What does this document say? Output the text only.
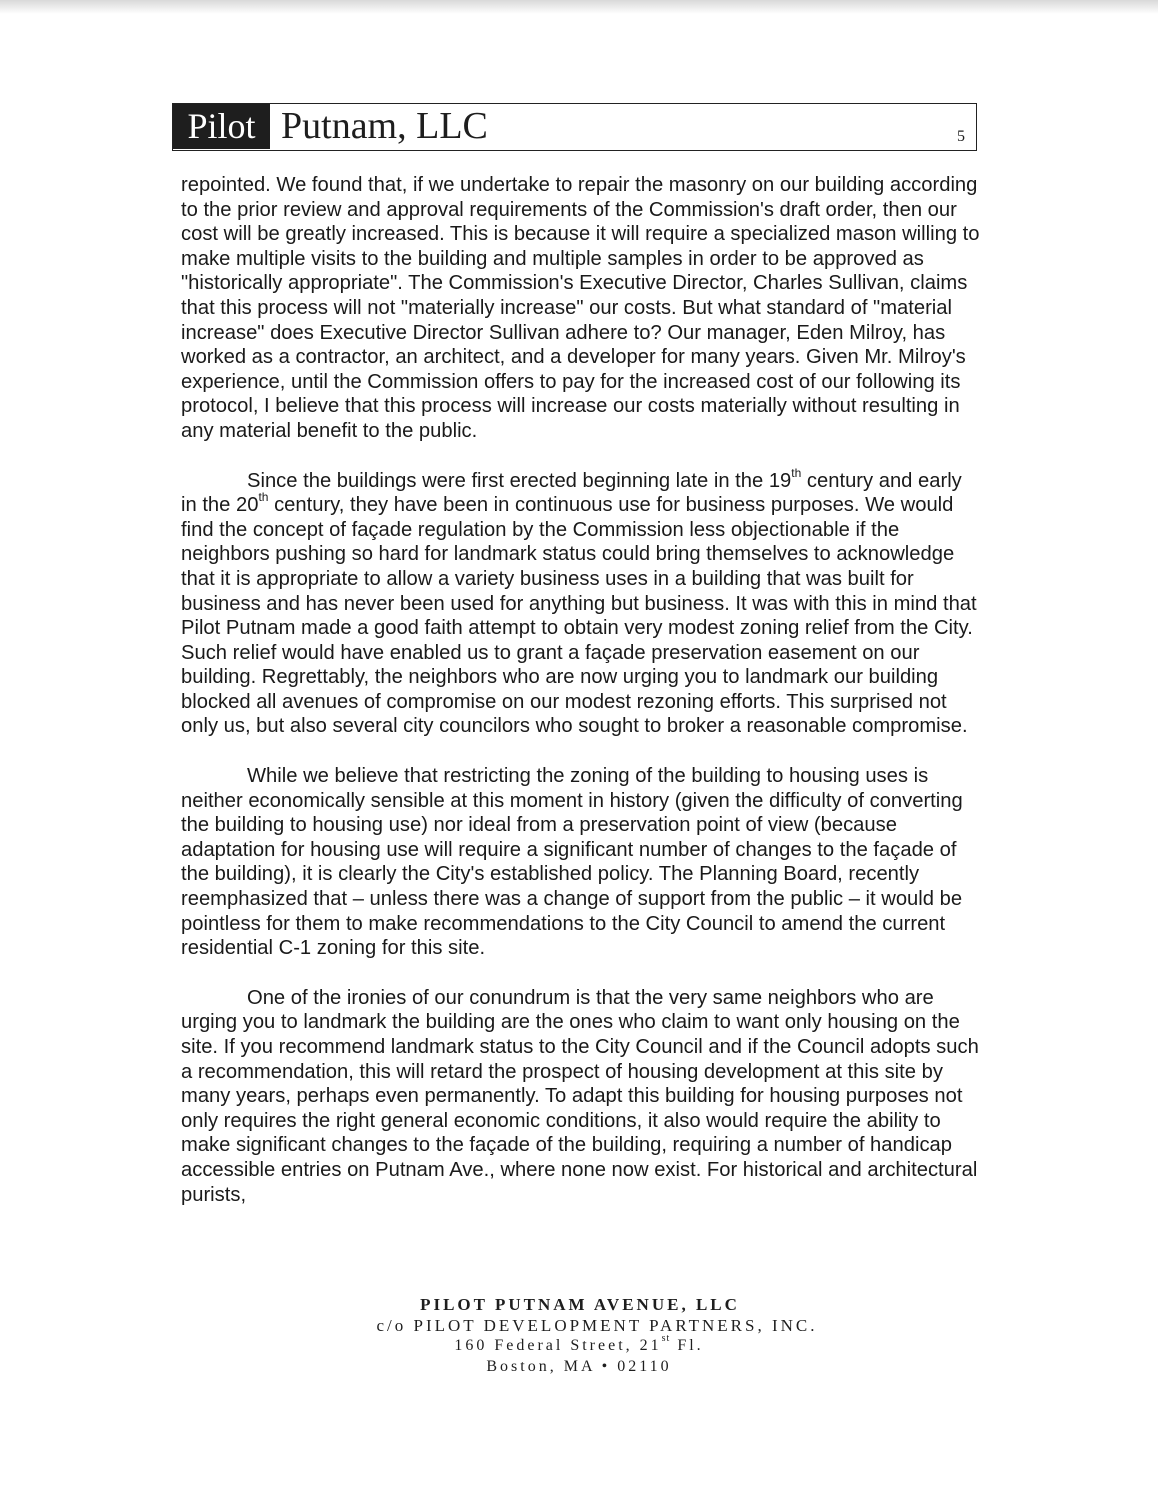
Pilot Putnam, LLC	5

repointed. We found that, if we undertake to repair the masonry on our building according to the prior review and approval requirements of the Commission's draft order, then our cost will be greatly increased. This is because it will require a specialized mason willing to make multiple visits to the building and multiple samples in order to be approved as "historically appropriate". The Commission's Executive Director, Charles Sullivan, claims that this process will not "materially increase" our costs. But what standard of "material increase" does Executive Director Sullivan adhere to? Our manager, Eden Milroy, has worked as a contractor, an architect, and a developer for many years. Given Mr. Milroy's experience, until the Commission offers to pay for the increased cost of our following its protocol, I believe that this process will increase our costs materially without resulting in any material benefit to the public.

Since the buildings were first erected beginning late in the 19th century and early in the 20th century, they have been in continuous use for business purposes. We would find the concept of façade regulation by the Commission less objectionable if the neighbors pushing so hard for landmark status could bring themselves to acknowledge that it is appropriate to allow a variety business uses in a building that was built for business and has never been used for anything but business. It was with this in mind that Pilot Putnam made a good faith attempt to obtain very modest zoning relief from the City. Such relief would have enabled us to grant a façade preservation easement on our building. Regrettably, the neighbors who are now urging you to landmark our building blocked all avenues of compromise on our modest rezoning efforts. This surprised not only us, but also several city councilors who sought to broker a reasonable compromise.

While we believe that restricting the zoning of the building to housing uses is neither economically sensible at this moment in history (given the difficulty of converting the building to housing use) nor ideal from a preservation point of view (because adaptation for housing use will require a significant number of changes to the façade of the building), it is clearly the City's established policy. The Planning Board, recently reemphasized that – unless there was a change of support from the public – it would be pointless for them to make recommendations to the City Council to amend the current residential C-1 zoning for this site.

One of the ironies of our conundrum is that the very same neighbors who are urging you to landmark the building are the ones who claim to want only housing on the site. If you recommend landmark status to the City Council and if the Council adopts such a recommendation, this will retard the prospect of housing development at this site by many years, perhaps even permanently. To adapt this building for housing purposes not only requires the right general economic conditions, it also would require the ability to make significant changes to the façade of the building, requiring a number of handicap accessible entries on Putnam Ave., where none now exist. For historical and architectural purists,

PILOT PUTNAM AVENUE, LLC
c/o PILOT DEVELOPMENT PARTNERS, INC.
160 Federal Street, 21st Fl.
Boston, MA • 02110
